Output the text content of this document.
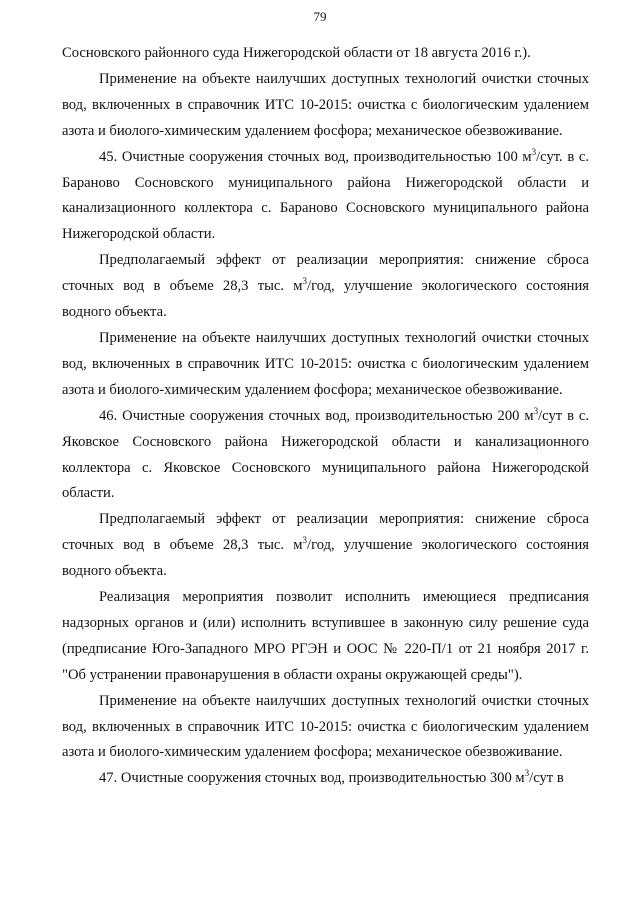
79

Сосновского районного суда Нижегородской области от 18 августа 2016 г.).

Применение на объекте наилучших доступных технологий очистки сточных вод, включенных в справочник ИТС 10-2015: очистка с биологическим удалением азота и биолого-химическим удалением фосфора; механическое обезвоживание.

45. Очистные сооружения сточных вод, производительностью 100 $м^3$/сут. в с. Бараново Сосновского муниципального района Нижегородской области и канализационного коллектора с. Бараново Сосновского муниципального района Нижегородской области.

Предполагаемый эффект от реализации мероприятия: снижение сброса сточных вод в объеме 28,3 тыс. $м^3$/год, улучшение экологического состояния водного объекта.

Применение на объекте наилучших доступных технологий очистки сточных вод, включенных в справочник ИТС 10-2015: очистка с биологическим удалением азота и биолого-химическим удалением фосфора; механическое обезвоживание.

46. Очистные сооружения сточных вод, производительностью 200 $м^3$/сут в с. Яковское Сосновского района Нижегородской области и канализационного коллектора с. Яковское Сосновского муниципального района Нижегородской области.

Предполагаемый эффект от реализации мероприятия: снижение сброса сточных вод в объеме 28,3 тыс. $м^3$/год, улучшение экологического состояния водного объекта.

Реализация мероприятия позволит исполнить имеющиеся предписания надзорных органов и (или) исполнить вступившее в законную силу решение суда (предписание Юго-Западного МРО РГЭН и ООС № 220-П/1 от 21 ноября 2017 г. "Об устранении правонарушения в области охраны окружающей среды").

Применение на объекте наилучших доступных технологий очистки сточных вод, включенных в справочник ИТС 10-2015: очистка с биологическим удалением азота и биолого-химическим удалением фосфора; механическое обезвоживание.

47. Очистные сооружения сточных вод, производительностью 300 $м^3$/сут в
